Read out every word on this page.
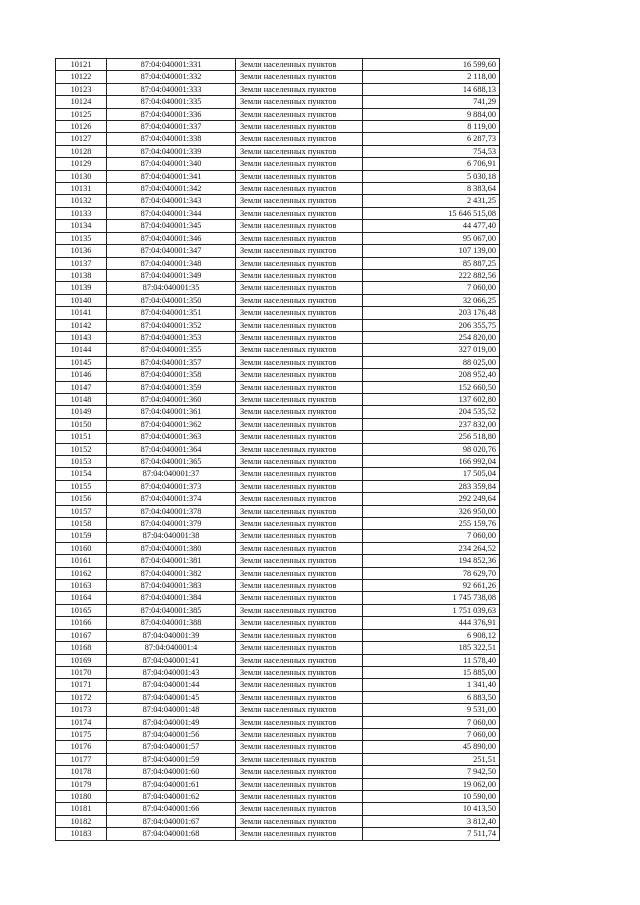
10121	87:04:040001:331	Земли населенных пунктов	16 599,60
10122	87:04:040001:332	Земли населенных пунктов	2 118,00
10123	87:04:040001:333	Земли населенных пунктов	14 688,13
10124	87:04:040001:335	Земли населенных пунктов	741,29
10125	87:04:040001:336	Земли населенных пунктов	9 884,00
10126	87:04:040001:337	Земли населенных пунктов	8 119,00
10127	87:04:040001:338	Земли населенных пунктов	6 287,73
10128	87:04:040001:339	Земли населенных пунктов	754,53
10129	87:04:040001:340	Земли населенных пунктов	6 706,91
10130	87:04:040001:341	Земли населенных пунктов	5 030,18
10131	87:04:040001:342	Земли населенных пунктов	8 383,64
10132	87:04:040001:343	Земли населенных пунктов	2 431,25
10133	87:04:040001:344	Земли населенных пунктов	15 646 515,08
10134	87:04:040001:345	Земли населенных пунктов	44 477,40
10135	87:04:040001:346	Земли населенных пунктов	95 067,00
10136	87:04:040001:347	Земли населенных пунктов	107 139,00
10137	87:04:040001:348	Земли населенных пунктов	85 887,25
10138	87:04:040001:349	Земли населенных пунктов	222 882,56
10139	87:04:040001:35	Земли населенных пунктов	7 060,00
10140	87:04:040001:350	Земли населенных пунктов	32 066,25
10141	87:04:040001:351	Земли населенных пунктов	203 176,48
10142	87:04:040001:352	Земли населенных пунктов	206 355,75
10143	87:04:040001:353	Земли населенных пунктов	254 820,00
10144	87:04:040001:355	Земли населенных пунктов	327 019,00
10145	87:04:040001:357	Земли населенных пунктов	88 025,00
10146	87:04:040001:358	Земли населенных пунктов	208 952,40
10147	87:04:040001:359	Земли населенных пунктов	152 660,50
10148	87:04:040001:360	Земли населенных пунктов	137 602,80
10149	87:04:040001:361	Земли населенных пунктов	204 535,52
10150	87:04:040001:362	Земли населенных пунктов	237 832,00
10151	87:04:040001:363	Земли населенных пунктов	256 518,80
10152	87:04:040001:364	Земли населенных пунктов	98 020,76
10153	87:04:040001:365	Земли населенных пунктов	166 992,04
10154	87:04:040001:37	Земли населенных пунктов	17 505,04
10155	87:04:040001:373	Земли населенных пунктов	283 359,84
10156	87:04:040001:374	Земли населенных пунктов	292 249,64
10157	87:04:040001:378	Земли населенных пунктов	326 950,00
10158	87:04:040001:379	Земли населенных пунктов	255 159,76
10159	87:04:040001:38	Земли населенных пунктов	7 060,00
10160	87:04:040001:380	Земли населенных пунктов	234 264,52
10161	87:04:040001:381	Земли населенных пунктов	194 852,36
10162	87:04:040001:382	Земли населенных пунктов	78 629,70
10163	87:04:040001:383	Земли населенных пунктов	92 661,26
10164	87:04:040001:384	Земли населенных пунктов	1 745 738,08
10165	87:04:040001:385	Земли населенных пунктов	1 751 039,63
10166	87:04:040001:388	Земли населенных пунктов	444 376,91
10167	87:04:040001:39	Земли населенных пунктов	6 908,12
10168	87:04:040001:4	Земли населенных пунктов	185 322,51
10169	87:04:040001:41	Земли населенных пунктов	11 578,40
10170	87:04:040001:43	Земли населенных пунктов	15 885,00
10171	87:04:040001:44	Земли населенных пунктов	1 341,40
10172	87:04:040001:45	Земли населенных пунктов	6 883,50
10173	87:04:040001:48	Земли населенных пунктов	9 531,00
10174	87:04:040001:49	Земли населенных пунктов	7 060,00
10175	87:04:040001:56	Земли населенных пунктов	7 060,00
10176	87:04:040001:57	Земли населенных пунктов	45 890,00
10177	87:04:040001:59	Земли населенных пунктов	251,51
10178	87:04:040001:60	Земли населенных пунктов	7 942,50
10179	87:04:040001:61	Земли населенных пунктов	19 062,00
10180	87:04:040001:62	Земли населенных пунктов	10 590,00
10181	87:04:040001:66	Земли населенных пунктов	10 413,50
10182	87:04:040001:67	Земли населенных пунктов	3 812,40
10183	87:04:040001:68	Земли населенных пунктов	7 511,74
